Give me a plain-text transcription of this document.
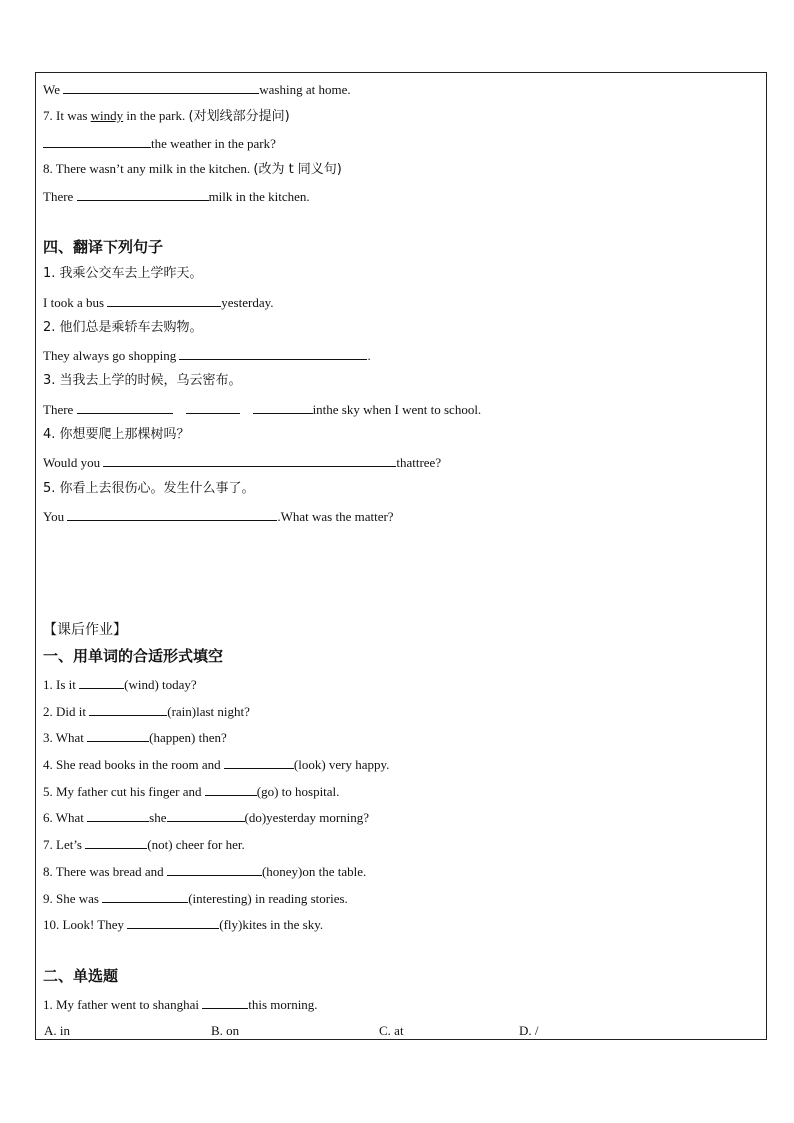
We	washing at home.
7. It was windy in the park. (对划线部分提问)
the weather in the park?
8. There wasn’t any milk in the kitchen. (改为 t 同义句)
There	milk in the kitchen.
四、翻译下列句子
1. 我乘公交车去上学昨天。
I took a bus	yesterday.
2. 他们总是乘轿车去购物。
They always go shopping	.
3. 当我去上学的时候，乌云密布。
There	inthe sky when I went to school.
4. 你想要爬上那棵树吗？
Would you	thattree?
5. 你看上去很伤心。发生什么事了。
You	.What was the matter?
【课后作业】
一、用单词的合适形式填空
1. Is it	(wind) today?
2. Did it	(rain)last night?
3. What	(happen) then?
4. She read books in the room and	(look) very happy.
5. My father cut his finger and	(go) to hospital.
6. What	she	(do)yesterday morning?
7. Let’s	(not) cheer for her.
8. There was bread and	(honey)on the table.
9. She was	(interesting) in reading stories.
10. Look! They	(fly)kites in the sky.
二、单选题
1. My father went to shanghai	this morning.
A. in	B. on	C. at	D. /
